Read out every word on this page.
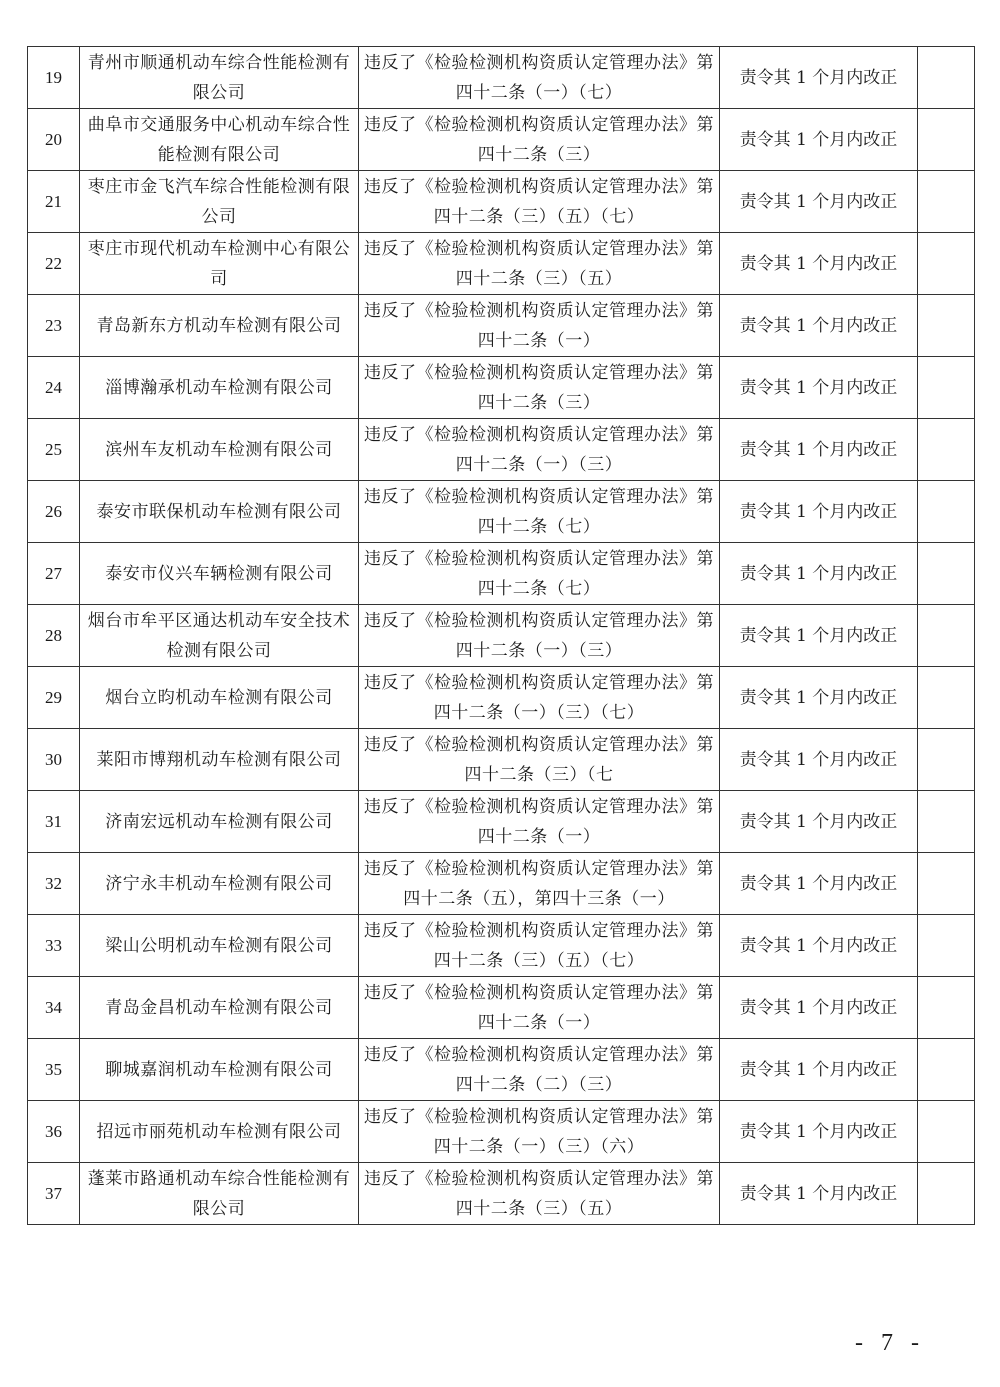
19	青州市顺通机动车综合性能检测有限公司	违反了《检验检测机构资质认定管理办法》第四十二条（一）（七）	责令其 1 个月内改正	
20	曲阜市交通服务中心机动车综合性能检测有限公司	违反了《检验检测机构资质认定管理办法》第四十二条（三）	责令其 1 个月内改正	
21	枣庄市金飞汽车综合性能检测有限公司	违反了《检验检测机构资质认定管理办法》第四十二条（三）（五）（七）	责令其 1 个月内改正	
22	枣庄市现代机动车检测中心有限公司	违反了《检验检测机构资质认定管理办法》第四十二条（三）（五）	责令其 1 个月内改正	
23	青岛新东方机动车检测有限公司	违反了《检验检测机构资质认定管理办法》第四十二条（一）	责令其 1 个月内改正	
24	淄博瀚承机动车检测有限公司	违反了《检验检测机构资质认定管理办法》第四十二条（三）	责令其 1 个月内改正	
25	滨州车友机动车检测有限公司	违反了《检验检测机构资质认定管理办法》第四十二条（一）（三）	责令其 1 个月内改正	
26	泰安市联保机动车检测有限公司	违反了《检验检测机构资质认定管理办法》第四十二条（七）	责令其 1 个月内改正	
27	泰安市仪兴车辆检测有限公司	违反了《检验检测机构资质认定管理办法》第四十二条（七）	责令其 1 个月内改正	
28	烟台市牟平区通达机动车安全技术检测有限公司	违反了《检验检测机构资质认定管理办法》第四十二条（一）（三）	责令其 1 个月内改正	
29	烟台立昀机动车检测有限公司	违反了《检验检测机构资质认定管理办法》第四十二条（一）（三）（七）	责令其 1 个月内改正	
30	莱阳市博翔机动车检测有限公司	违反了《检验检测机构资质认定管理办法》第四十二条（三）（七	责令其 1 个月内改正	
31	济南宏远机动车检测有限公司	违反了《检验检测机构资质认定管理办法》第四十二条（一）	责令其 1 个月内改正	
32	济宁永丰机动车检测有限公司	违反了《检验检测机构资质认定管理办法》第四十二条（五），第四十三条（一）	责令其 1 个月内改正	
33	梁山公明机动车检测有限公司	违反了《检验检测机构资质认定管理办法》第四十二条（三）（五）（七）	责令其 1 个月内改正	
34	青岛金昌机动车检测有限公司	违反了《检验检测机构资质认定管理办法》第四十二条（一）	责令其 1 个月内改正	
35	聊城嘉润机动车检测有限公司	违反了《检验检测机构资质认定管理办法》第四十二条（二）（三）	责令其 1 个月内改正	
36	招远市丽苑机动车检测有限公司	违反了《检验检测机构资质认定管理办法》第四十二条（一）（三）（六）	责令其 1 个月内改正	
37	蓬莱市路通机动车综合性能检测有限公司	违反了《检验检测机构资质认定管理办法》第四十二条（三）（五）	责令其 1 个月内改正	
- 7 -
